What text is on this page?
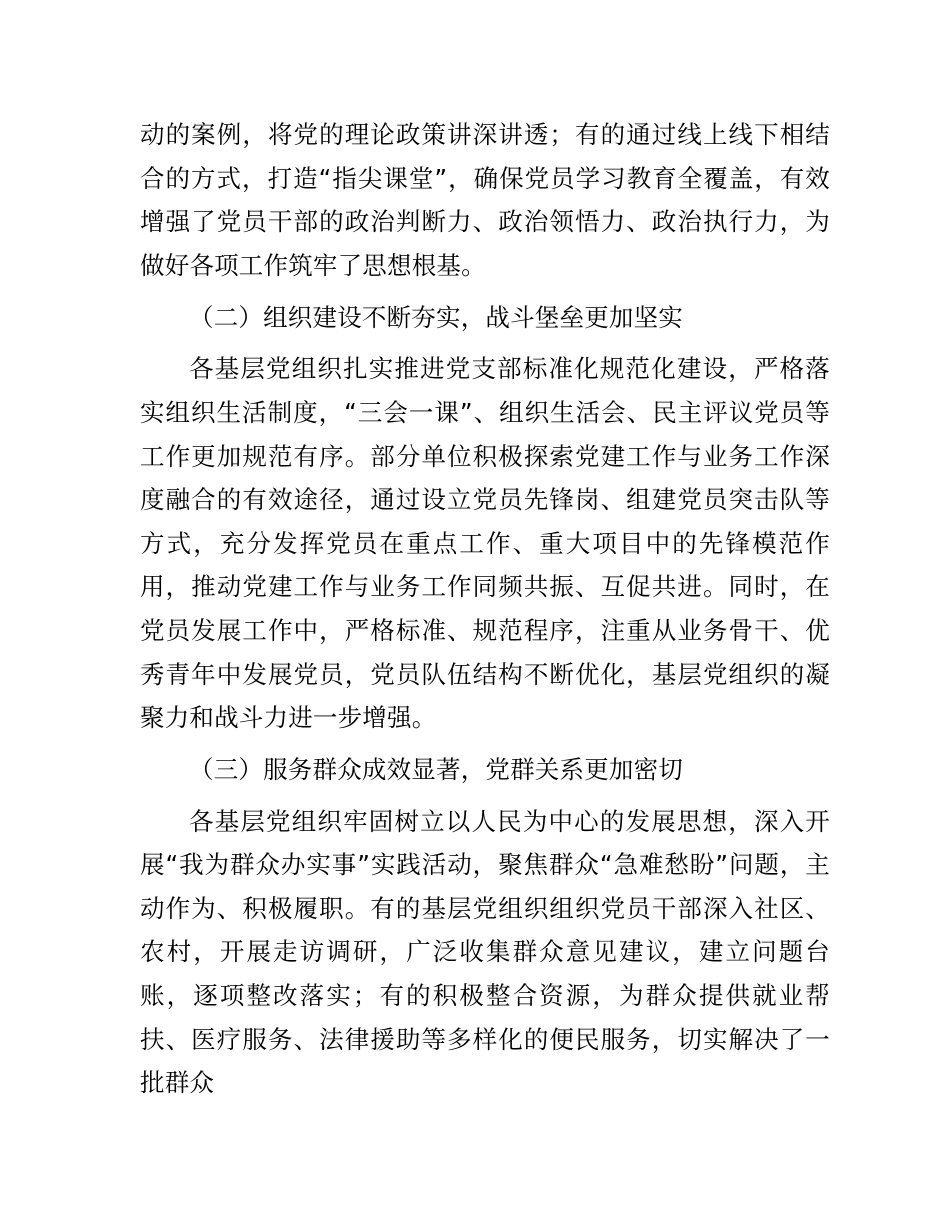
动的案例，将党的理论政策讲深讲透；有的通过线上线下相结合的方式，打造“指尖课堂”，确保党员学习教育全覆盖，有效增强了党员干部的政治判断力、政治领悟力、政治执行力，为做好各项工作筑牢了思想根基。

（二）组织建设不断夯实，战斗堡垒更加坚实

各基层党组织扎实推进党支部标准化规范化建设，严格落实组织生活制度，“三会一课”、组织生活会、民主评议党员等工作更加规范有序。部分单位积极探索党建工作与业务工作深度融合的有效途径，通过设立党员先锋岗、组建党员突击队等方式，充分发挥党员在重点工作、重大项目中的先锋模范作用，推动党建工作与业务工作同频共振、互促共进。同时，在党员发展工作中，严格标准、规范程序，注重从业务骨干、优秀青年中发展党员，党员队伍结构不断优化，基层党组织的凝聚力和战斗力进一步增强。

（三）服务群众成效显著，党群关系更加密切

各基层党组织牢固树立以人民为中心的发展思想，深入开展“我为群众办实事”实践活动，聚焦群众“急难愁盼”问题，主动作为、积极履职。有的基层党组织组织党员干部深入社区、农村，开展走访调研，广泛收集群众意见建议，建立问题台账，逐项整改落实；有的积极整合资源，为群众提供就业帮扶、医疗服务、法律援助等多样化的便民服务，切实解决了一批群众
